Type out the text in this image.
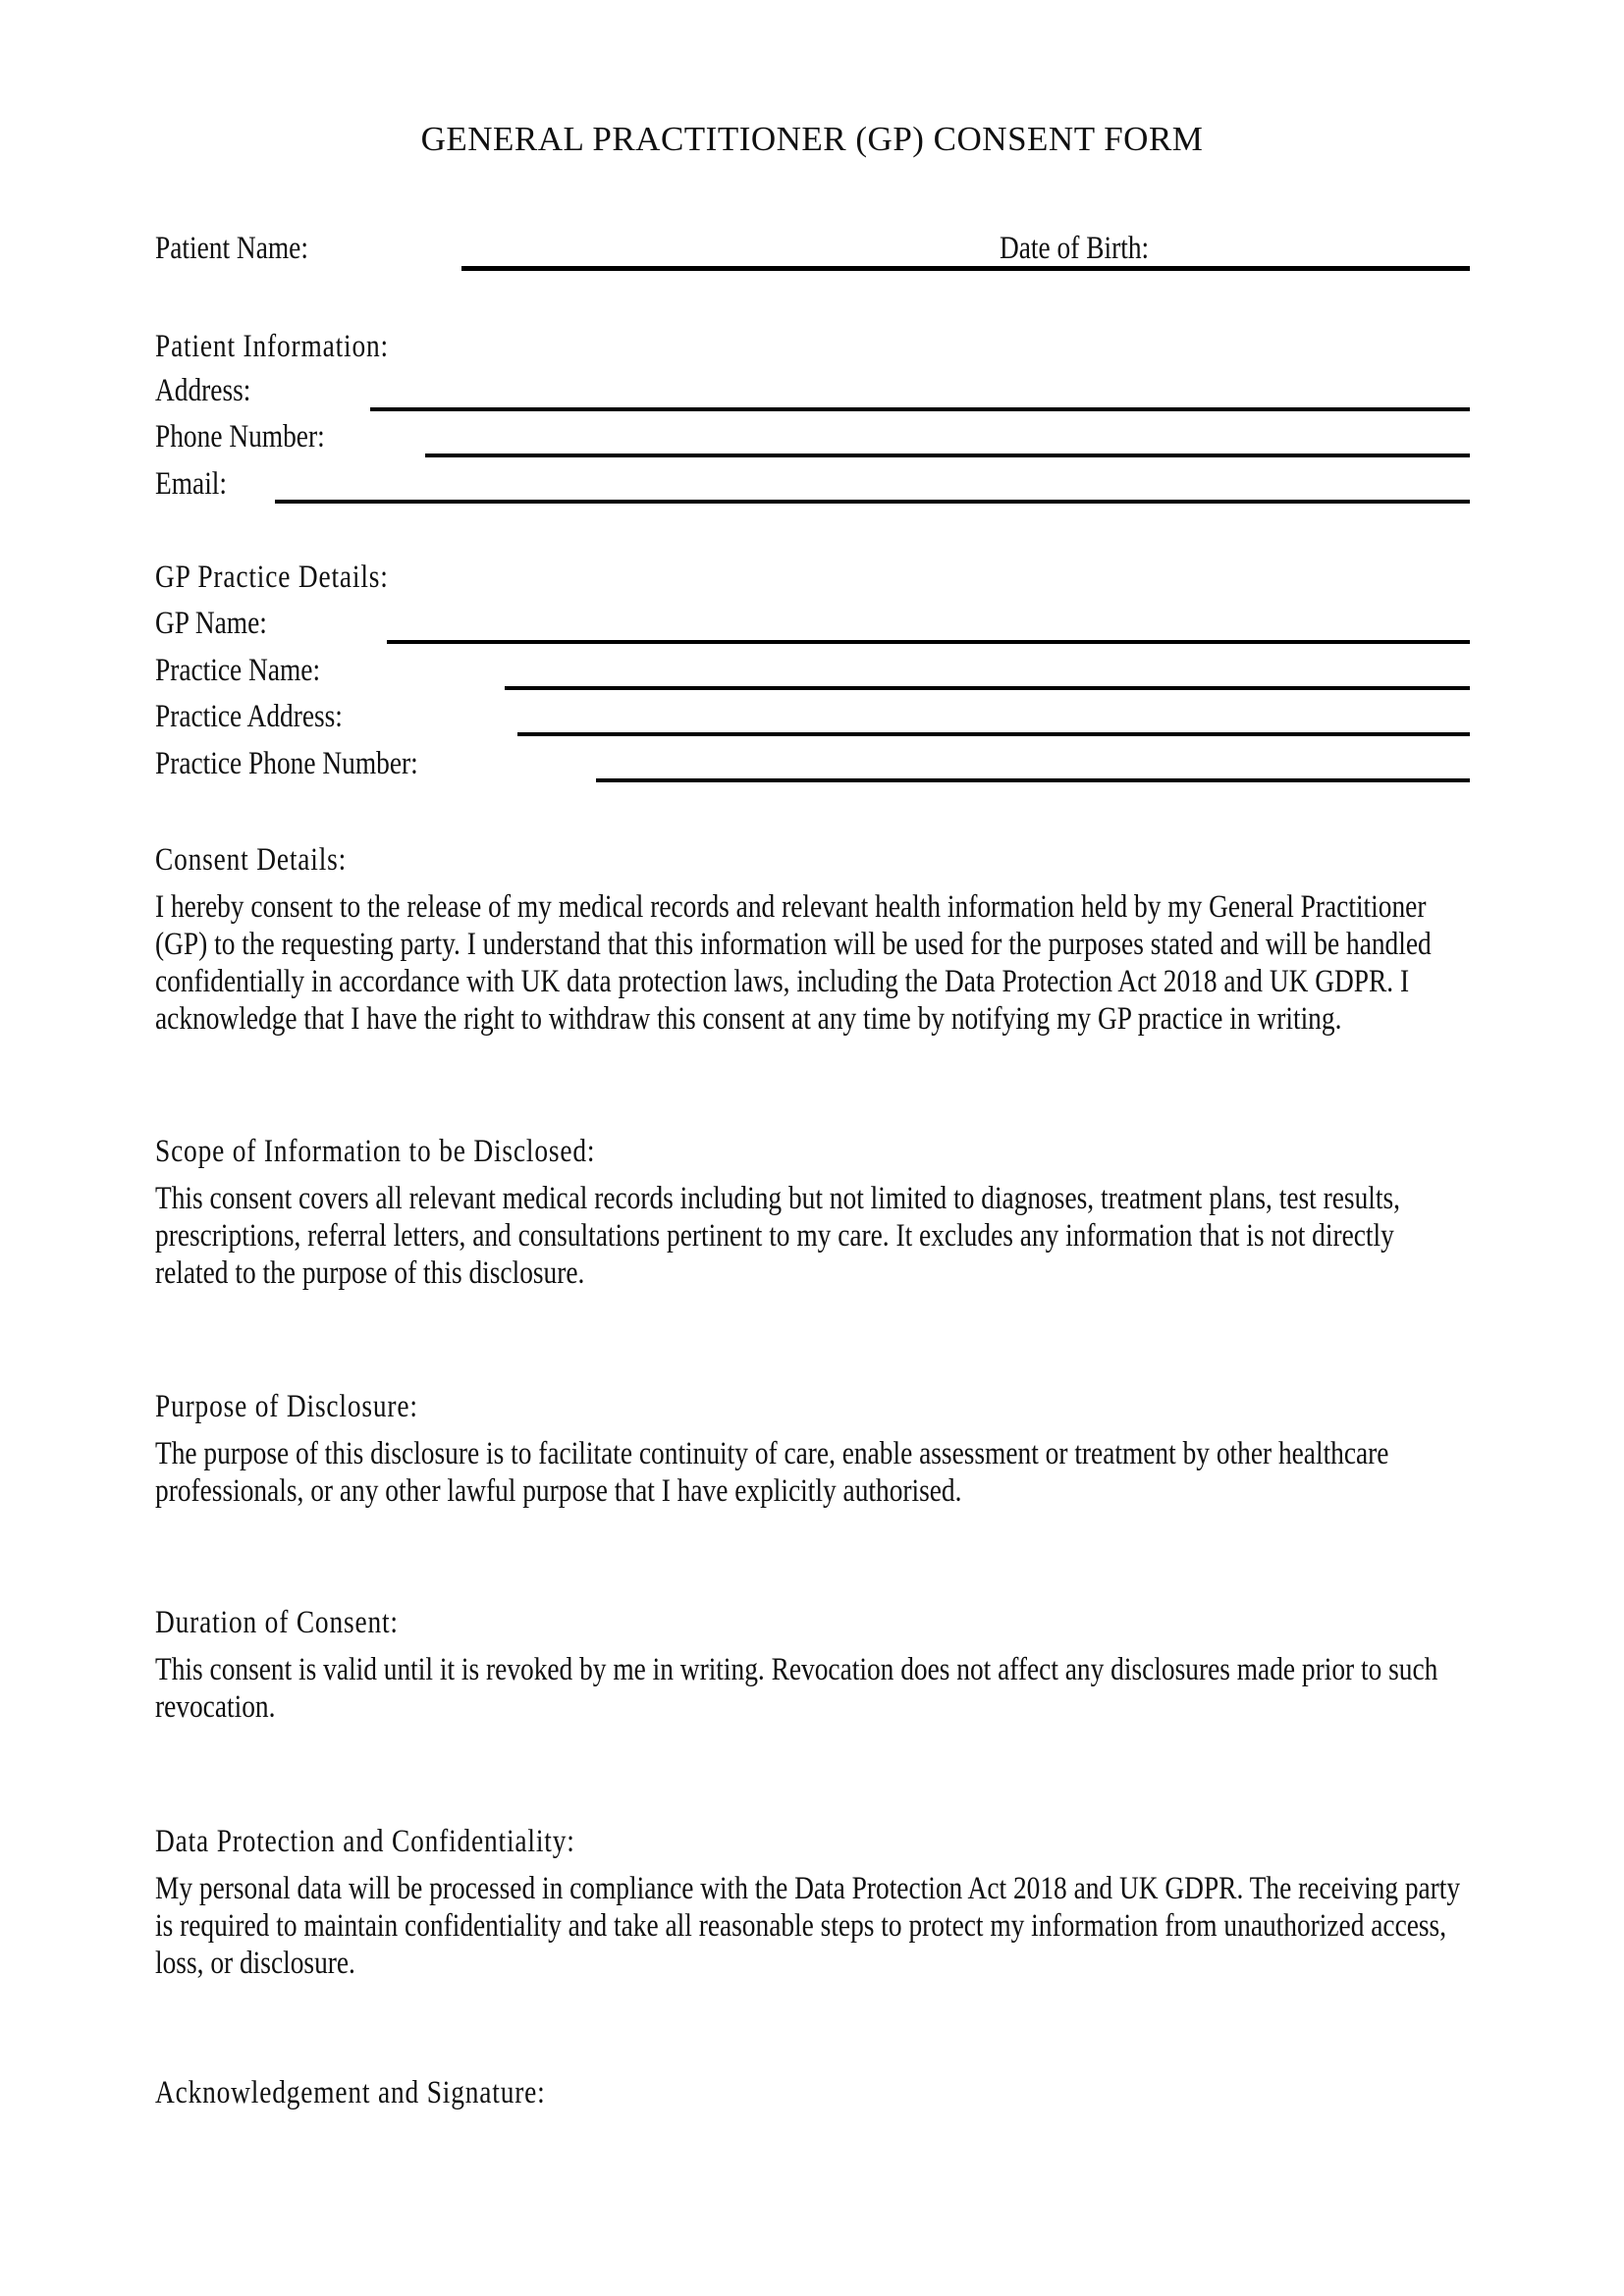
GENERAL PRACTITIONER (GP) CONSENT FORM
Patient Name:	Date of Birth:
Patient Information:
Address:
Phone Number:
Email:
GP Practice Details:
GP Name:
Practice Name:
Practice Address:
Practice Phone Number:
Consent Details:
I hereby consent to the release of my medical records and relevant health information held by my General Practitioner (GP) to the requesting party. I understand that this information will be used for the purposes stated and will be handled confidentially in accordance with UK data protection laws, including the Data Protection Act 2018 and UK GDPR. I acknowledge that I have the right to withdraw this consent at any time by notifying my GP practice in writing.
Scope of Information to be Disclosed:
This consent covers all relevant medical records including but not limited to diagnoses, treatment plans, test results, prescriptions, referral letters, and consultations pertinent to my care. It excludes any information that is not directly related to the purpose of this disclosure.
Purpose of Disclosure:
The purpose of this disclosure is to facilitate continuity of care, enable assessment or treatment by other healthcare professionals, or any other lawful purpose that I have explicitly authorised.
Duration of Consent:
This consent is valid until it is revoked by me in writing. Revocation does not affect any disclosures made prior to such revocation.
Data Protection and Confidentiality:
My personal data will be processed in compliance with the Data Protection Act 2018 and UK GDPR. The receiving party is required to maintain confidentiality and take all reasonable steps to protect my information from unauthorized access, loss, or disclosure.
Acknowledgement and Signature:
